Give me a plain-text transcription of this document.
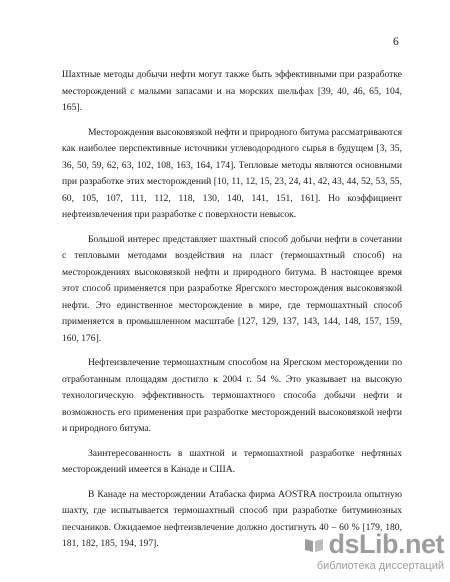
6

Шахтные методы добычи нефти могут также быть эффективными при разработке месторождений с малыми запасами и на морских шельфах [39, 40, 46, 65, 104, 165].

Месторождения высоковязкой нефти и природного битума рассматриваются как наиболее перспективные источники углеводородного сырья в будущем [3, 35, 36, 50, 59, 62, 63, 102, 108, 163, 164, 174]. Тепловые методы являются основными при разработке этих месторождений [10, 11, 12, 15, 23, 24, 41, 42, 43, 44, 52, 53, 55, 60, 105, 107, 111, 112, 118, 130, 140, 141, 151, 161]. Но коэффициент нефтеизвлечения при разработке с поверхности невысок.

Большой интерес представляет шахтный способ добычи нефти в сочетании с тепловыми методами воздействия на пласт (термошахтный способ) на месторождениях высоковязкой нефти и природного битума. В настоящее время этот способ применяется при разработке Ярегского месторождения высоковязкой нефти. Это единственное месторождение в мире, где термошахтный способ применяется в промышленном масштабе [127, 129, 137, 143, 144, 148, 157, 159, 160, 176].

Нефтеизвлечение термошахтным способом на Ярегском месторождении по отработанным площадям достигло к 2004 г. 54 %. Это указывает на высокую технологическую эффективность термошахтного способа добычи нефти и возможность его применения при разработке месторождений высоковязкой нефти и природного битума.

Заинтересованность в шахтной и термошахтной разработке нефтяных месторождений имеется в Канаде и США.

В Канаде на месторождении Атабаска фирма AOSTRA построила опытную шахту, где испытывается термошахтный способ при разработке битуминозных песчаников. Ожидаемое нефтеизвлечение должно достигнуть 40 – 60 % [179, 180, 181, 182, 185, 194, 197].	dsLib.net
библиотека диссертаций
